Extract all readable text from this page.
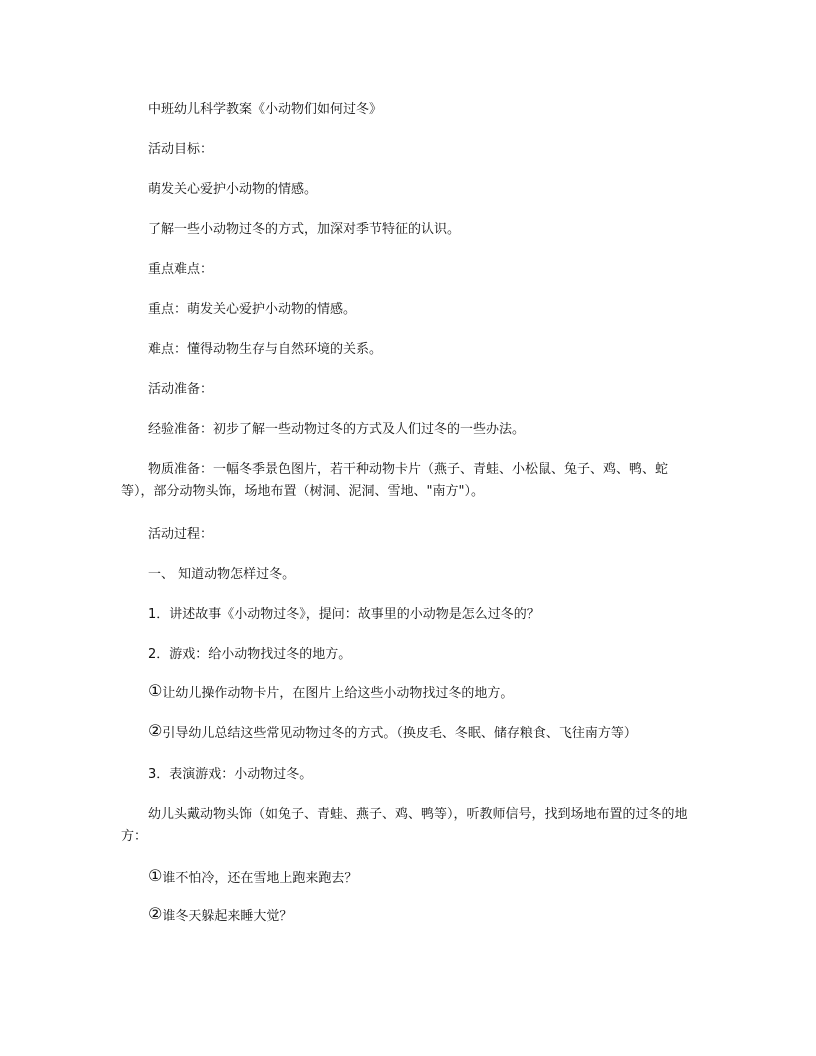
中班幼儿科学教案《小动物们如何过冬》
活动目标：
萌发关心爱护小动物的情感。
了解一些小动物过冬的方式，加深对季节特征的认识。
重点难点：
重点：萌发关心爱护小动物的情感。
难点：懂得动物生存与自然环境的关系。
活动准备：
经验准备：初步了解一些动物过冬的方式及人们过冬的一些办法。
物质准备：一幅冬季景色图片，若干种动物卡片（燕子、青蛙、小松鼠、兔子、鸡、鸭、蛇等），部分动物头饰，场地布置（树洞、泥洞、雪地、"南方"）。
活动过程：
一、 知道动物怎样过冬。
1．讲述故事《小动物过冬》，提问：故事里的小动物是怎么过冬的？
2．游戏：给小动物找过冬的地方。
①让幼儿操作动物卡片，在图片上给这些小动物找过冬的地方。
②引导幼儿总结这些常见动物过冬的方式。（换皮毛、冬眠、储存粮食、飞往南方等）
3．表演游戏：小动物过冬。
幼儿头戴动物头饰（如兔子、青蛙、燕子、鸡、鸭等），听教师信号，找到场地布置的过冬的地方：
①谁不怕冷，还在雪地上跑来跑去？
②谁冬天躲起来睡大觉？
